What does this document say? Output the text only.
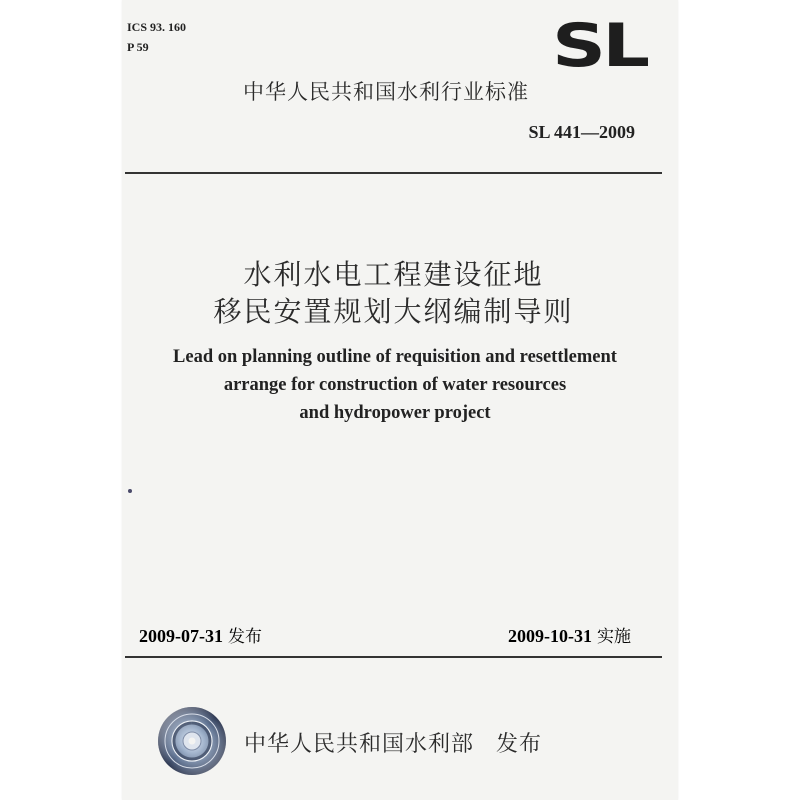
ICS 93. 160
P 59	SL
中华人民共和国水利行业标准
SL 441—2009
水利水电工程建设征地
移民安置规划大纲编制导则
Lead on planning outline of requisition and resettlement
arrange for construction of water resources
and hydropower project
2009-07-31 发布	2009-10-31 实施
中华人民共和国水利部 发布
